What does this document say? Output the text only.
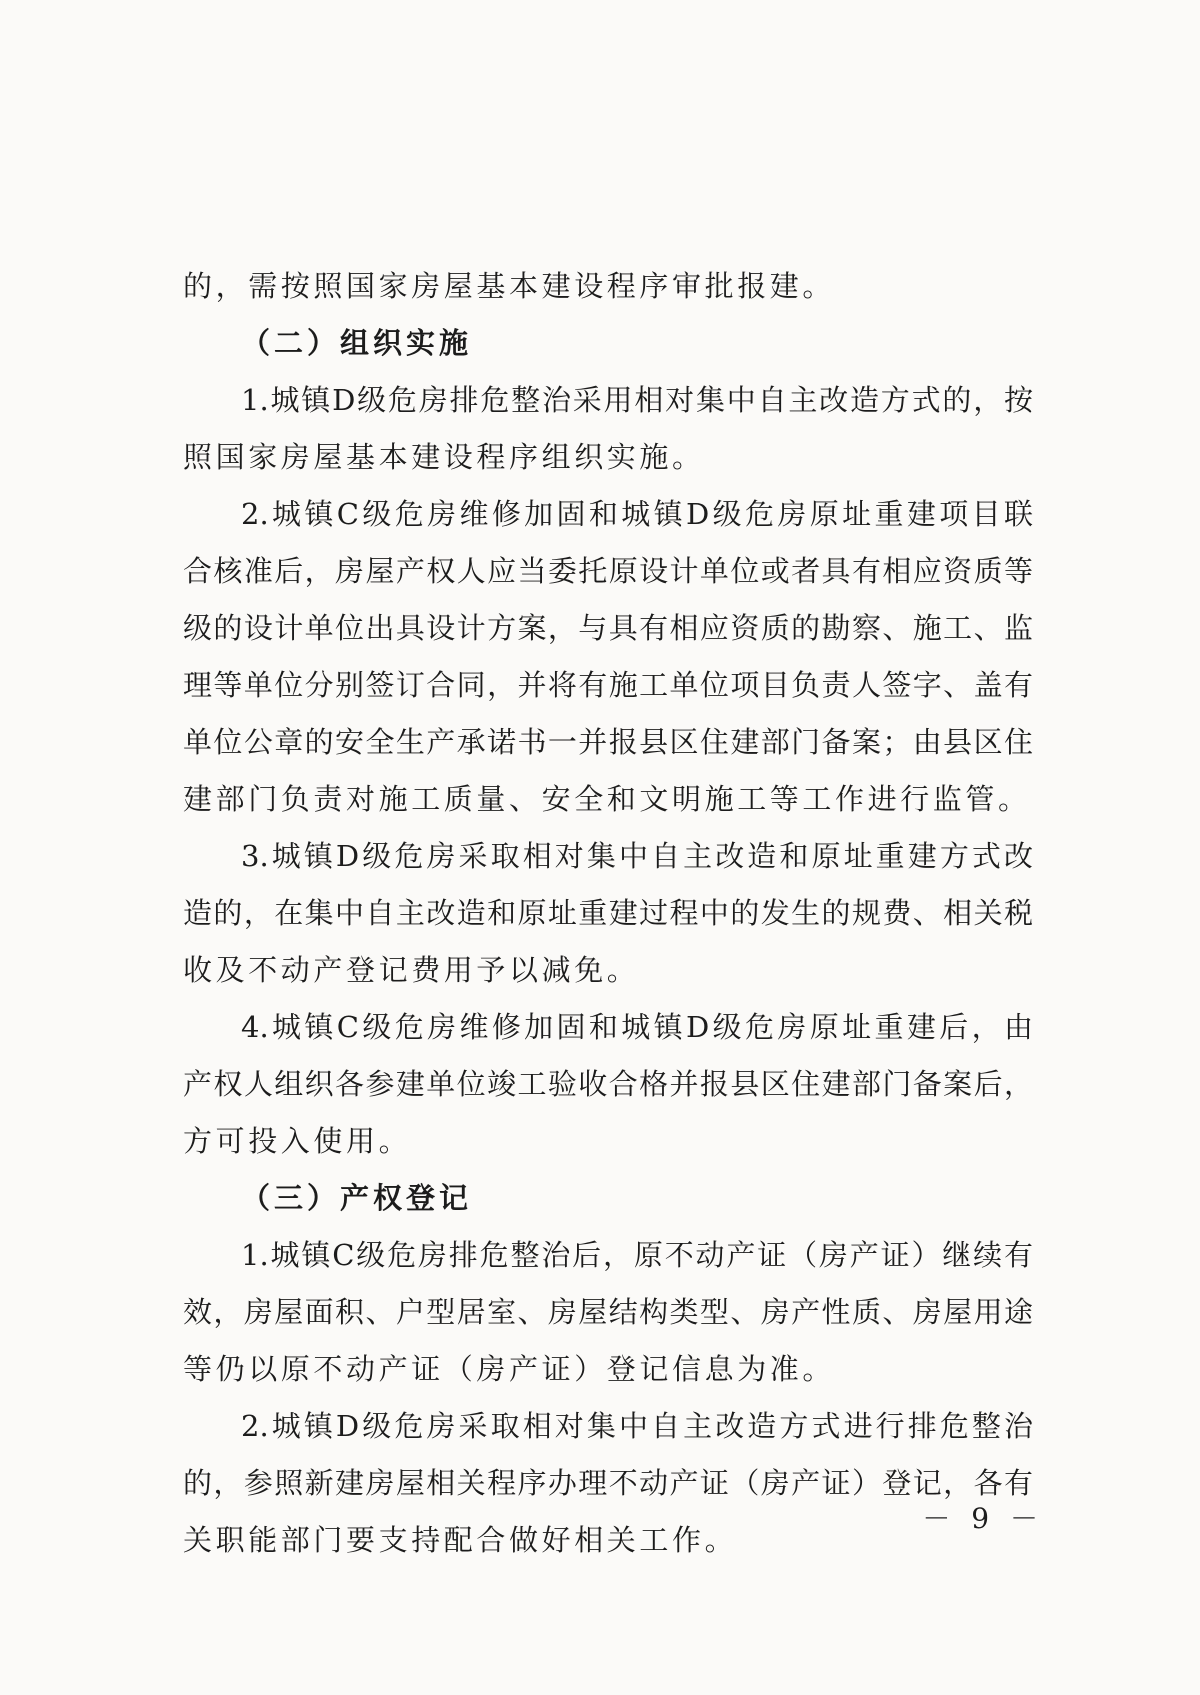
的，需按照国家房屋基本建设程序审批报建。
（二）组织实施
1.城镇D级危房排危整治采用相对集中自主改造方式的，按
照国家房屋基本建设程序组织实施。
2.城镇C级危房维修加固和城镇D级危房原址重建项目联
合核准后，房屋产权人应当委托原设计单位或者具有相应资质等
级的设计单位出具设计方案，与具有相应资质的勘察、施工、监
理等单位分别签订合同，并将有施工单位项目负责人签字、盖有
单位公章的安全生产承诺书一并报县区住建部门备案；由县区住
建部门负责对施工质量、安全和文明施工等工作进行监管。
3.城镇D级危房采取相对集中自主改造和原址重建方式改
造的，在集中自主改造和原址重建过程中的发生的规费、相关税
收及不动产登记费用予以减免。
4.城镇C级危房维修加固和城镇D级危房原址重建后，由
产权人组织各参建单位竣工验收合格并报县区住建部门备案后，
方可投入使用。
（三）产权登记
1.城镇C级危房排危整治后，原不动产证（房产证）继续有
效，房屋面积、户型居室、房屋结构类型、房产性质、房屋用途
等仍以原不动产证（房产证）登记信息为准。
2.城镇D级危房采取相对集中自主改造方式进行排危整治
的，参照新建房屋相关程序办理不动产证（房产证）登记，各有
关职能部门要支持配合做好相关工作。
－ 9 －
